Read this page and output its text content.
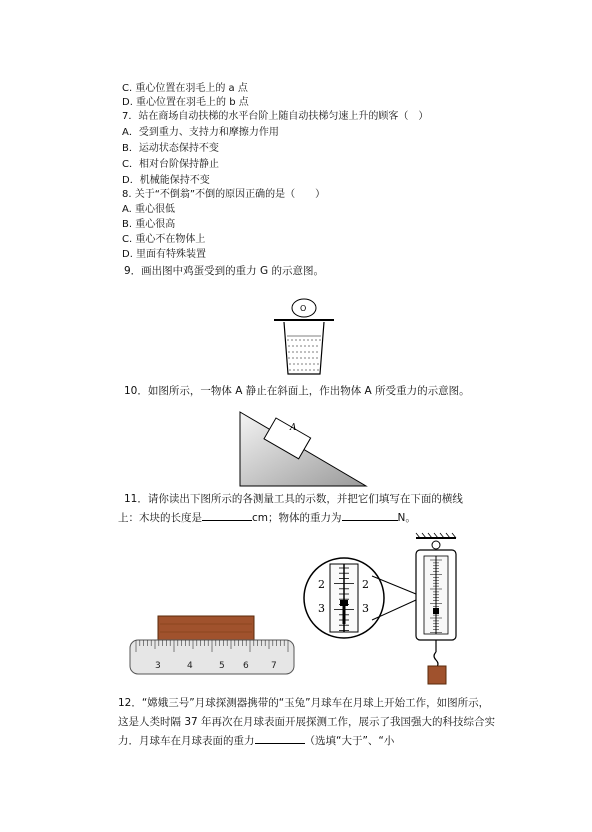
C. 重心位置在羽毛上的 a 点
D. 重心位置在羽毛上的 b 点
7．站在商场自动扶梯的水平台阶上随自动扶梯匀速上升的顾客（　）
A．受到重力、支持力和摩擦力作用
B．运动状态保持不变
C．相对台阶保持静止
D．机械能保持不变
8. 关于“不倒翁”不倒的原因正确的是（　　）
A. 重心很低
B. 重心很高
C. 重心不在物体上
D. 里面有特殊装置
9．画出图中鸡蛋受到的重力 G 的示意图。
O
10．如图所示，一物体 A 静止在斜面上，作出物体 A 所受重力的示意图。
A
11．请你读出下图所示的各测量工具的示数，并把它们填写在下面的横线
上：木块的长度是	cm；物体的重力为	N。
3	4	5 6 7
2	2
3	3
12．“嫦娥三号”月球探测器携带的“玉兔”月球车在月球上开始工作，如图所示，这是人类时隔 37 年再次在月球表面开展探测工作，展示了我国强大的科技综合实力．月球车在月球表面的重力	（选填“大于”、“小
